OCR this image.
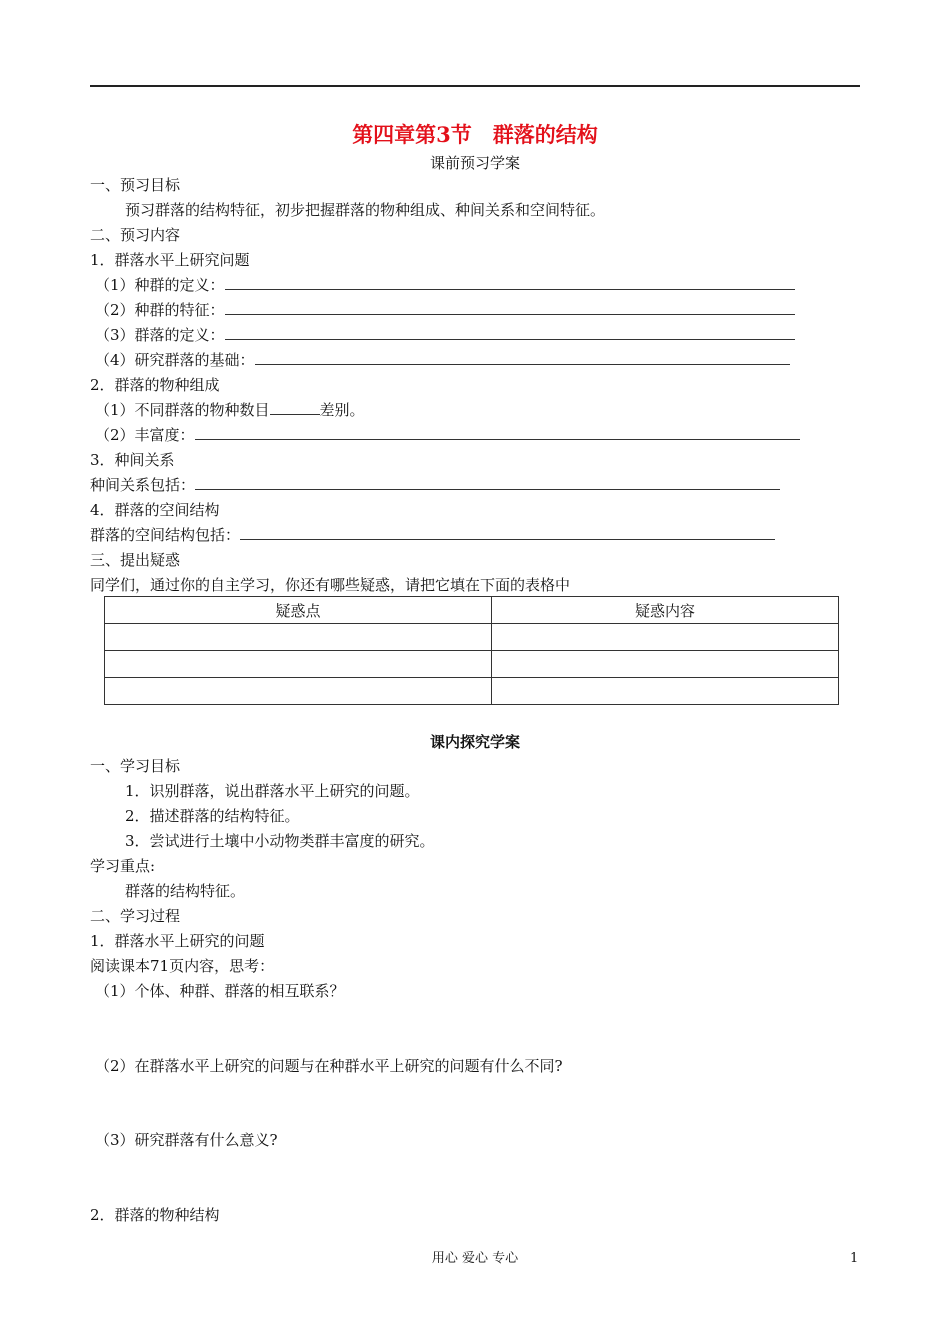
第四章第3节　群落的结构
课前预习学案
一、预习目标
预习群落的结构特征，初步把握群落的物种组成、种间关系和空间特征。
二、预习内容
1．群落水平上研究问题
（1）种群的定义：
（2）种群的特征：
（3）群落的定义：
（4）研究群落的基础：
2．群落的物种组成
（1）不同群落的物种数目	差别。
（2）丰富度：
3．种间关系
种间关系包括：
4．群落的空间结构
群落的空间结构包括：
三、提出疑惑
同学们，通过你的自主学习，你还有哪些疑惑，请把它填在下面的表格中
疑惑点	疑惑内容

课内探究学案
一、学习目标
1．识别群落，说出群落水平上研究的问题。
2．描述群落的结构特征。
3．尝试进行土壤中小动物类群丰富度的研究。
学习重点:
群落的结构特征。
二、学习过程
1．群落水平上研究的问题
阅读课本71页内容，思考：
（1）个体、种群、群落的相互联系？
（2）在群落水平上研究的问题与在种群水平上研究的问题有什么不同?
（3）研究群落有什么意义?
2．群落的物种结构
用心 爱心 专心	1
